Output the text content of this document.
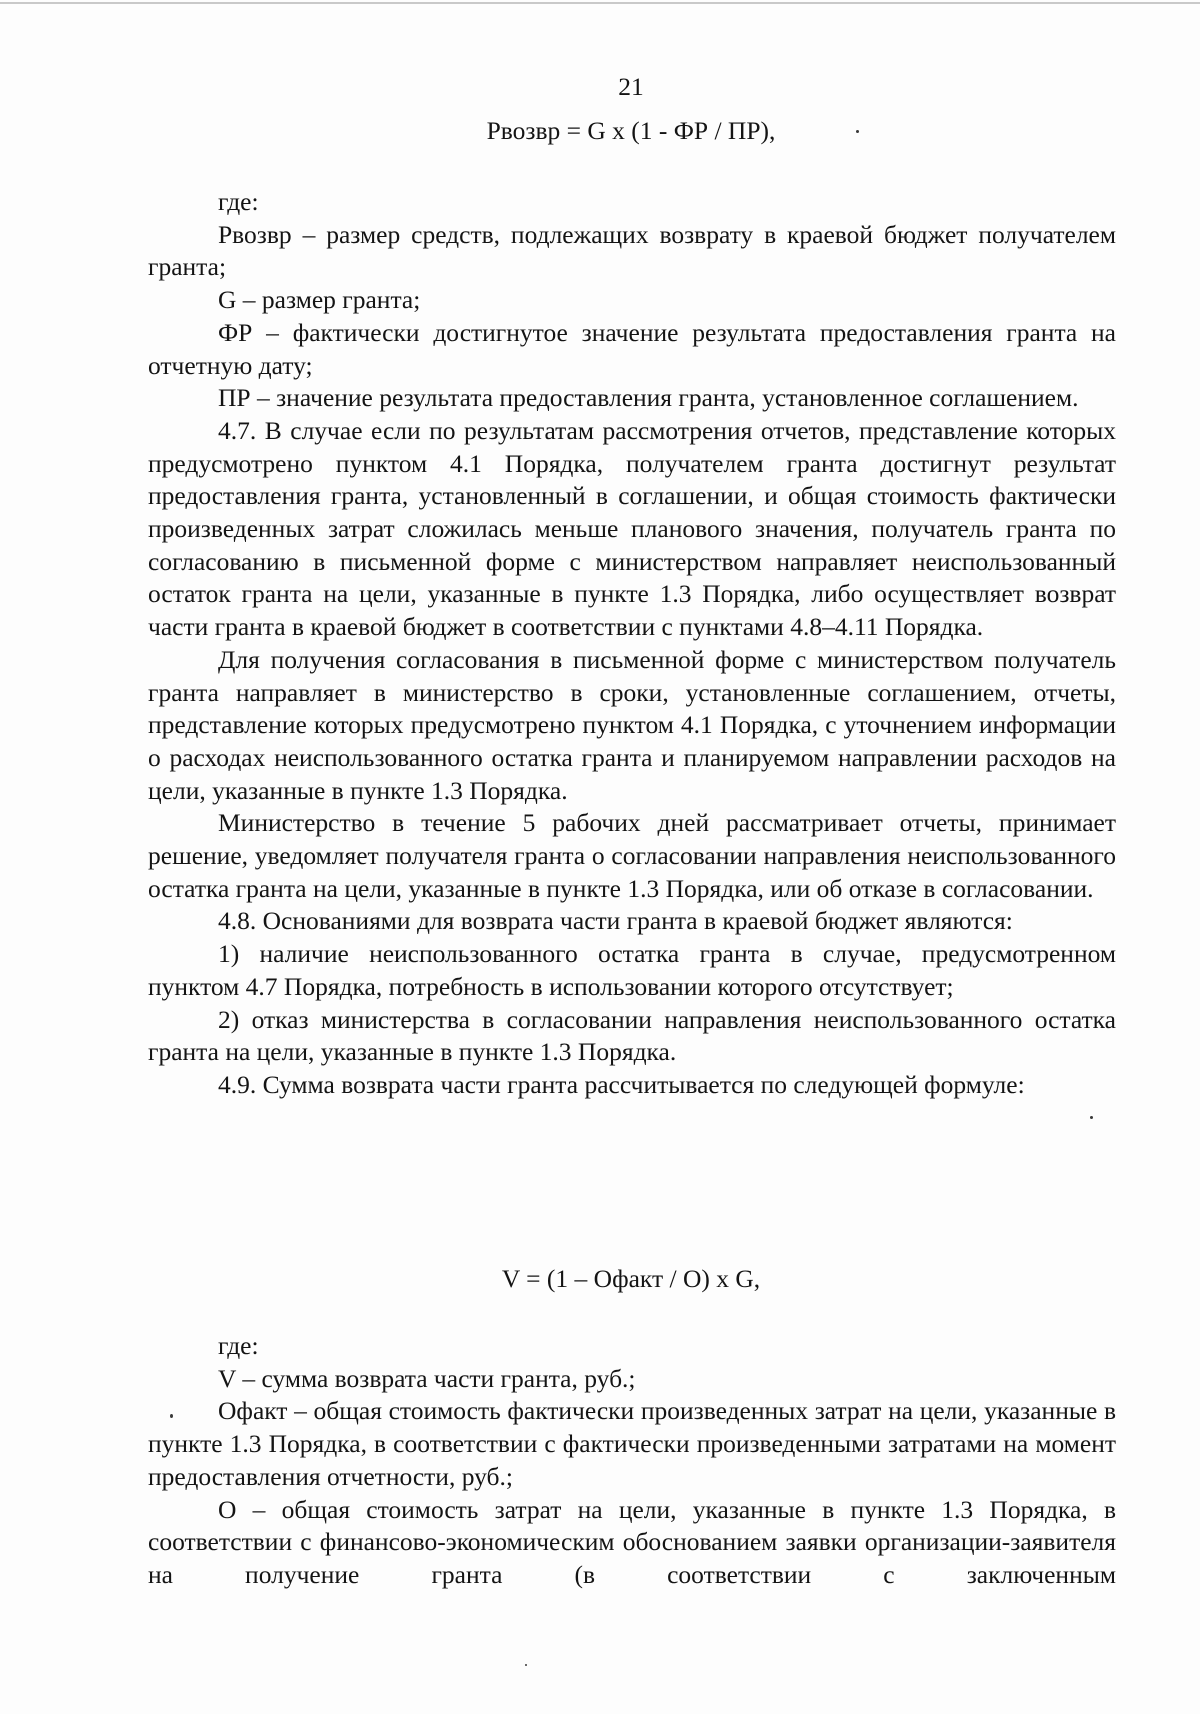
21
Pвозвр = G x (1 - ФР / ПР),

где:

Pвозвр – размер средств, подлежащих возврату в краевой бюджет получателем гранта;

G – размер гранта;

ФР – фактически достигнутое значение результата предоставления гранта на отчетную дату;

ПР – значение результата предоставления гранта, установленное соглашением.

4.7. В случае если по результатам рассмотрения отчетов, представление которых предусмотрено пунктом 4.1 Порядка, получателем гранта достигнут результат предоставления гранта, установленный в соглашении, и общая стоимость фактически произведенных затрат сложилась меньше планового значения, получатель гранта по согласованию в письменной форме с министерством направляет неиспользованный остаток гранта на цели, указанные в пункте 1.3 Порядка, либо осуществляет возврат части гранта в краевой бюджет в соответствии с пунктами 4.8–4.11 Порядка.

Для получения согласования в письменной форме с министерством получатель гранта направляет в министерство в сроки, установленные соглашением, отчеты, представление которых предусмотрено пунктом 4.1 Порядка, с уточнением информации о расходах неиспользованного остатка гранта и планируемом направлении расходов на цели, указанные в пункте 1.3 Порядка.

Министерство в течение 5 рабочих дней рассматривает отчеты, принимает решение, уведомляет получателя гранта о согласовании направления неиспользованного остатка гранта на цели, указанные в пункте 1.3 Порядка, или об отказе в согласовании.

4.8. Основаниями для возврата части гранта в краевой бюджет являются:

1) наличие неиспользованного остатка гранта в случае, предусмотренном пунктом 4.7 Порядка, потребность в использовании которого отсутствует;

2) отказ министерства в согласовании направления неиспользованного остатка гранта на цели, указанные в пункте 1.3 Порядка.

4.9. Сумма возврата части гранта рассчитывается по следующей формуле:

V = (1 – Oфакт / O) x G,

где:

V – сумма возврата части гранта, руб.;

Oфакт – общая стоимость фактически произведенных затрат на цели, указанные в пункте 1.3 Порядка, в соответствии с фактически произведенными затратами на момент предоставления отчетности, руб.;

O – общая стоимость затрат на цели, указанные в пункте 1.3 Порядка, в соответствии с финансово-экономическим обоснованием заявки организации-заявителя на получение гранта (в соответствии с заключенным
